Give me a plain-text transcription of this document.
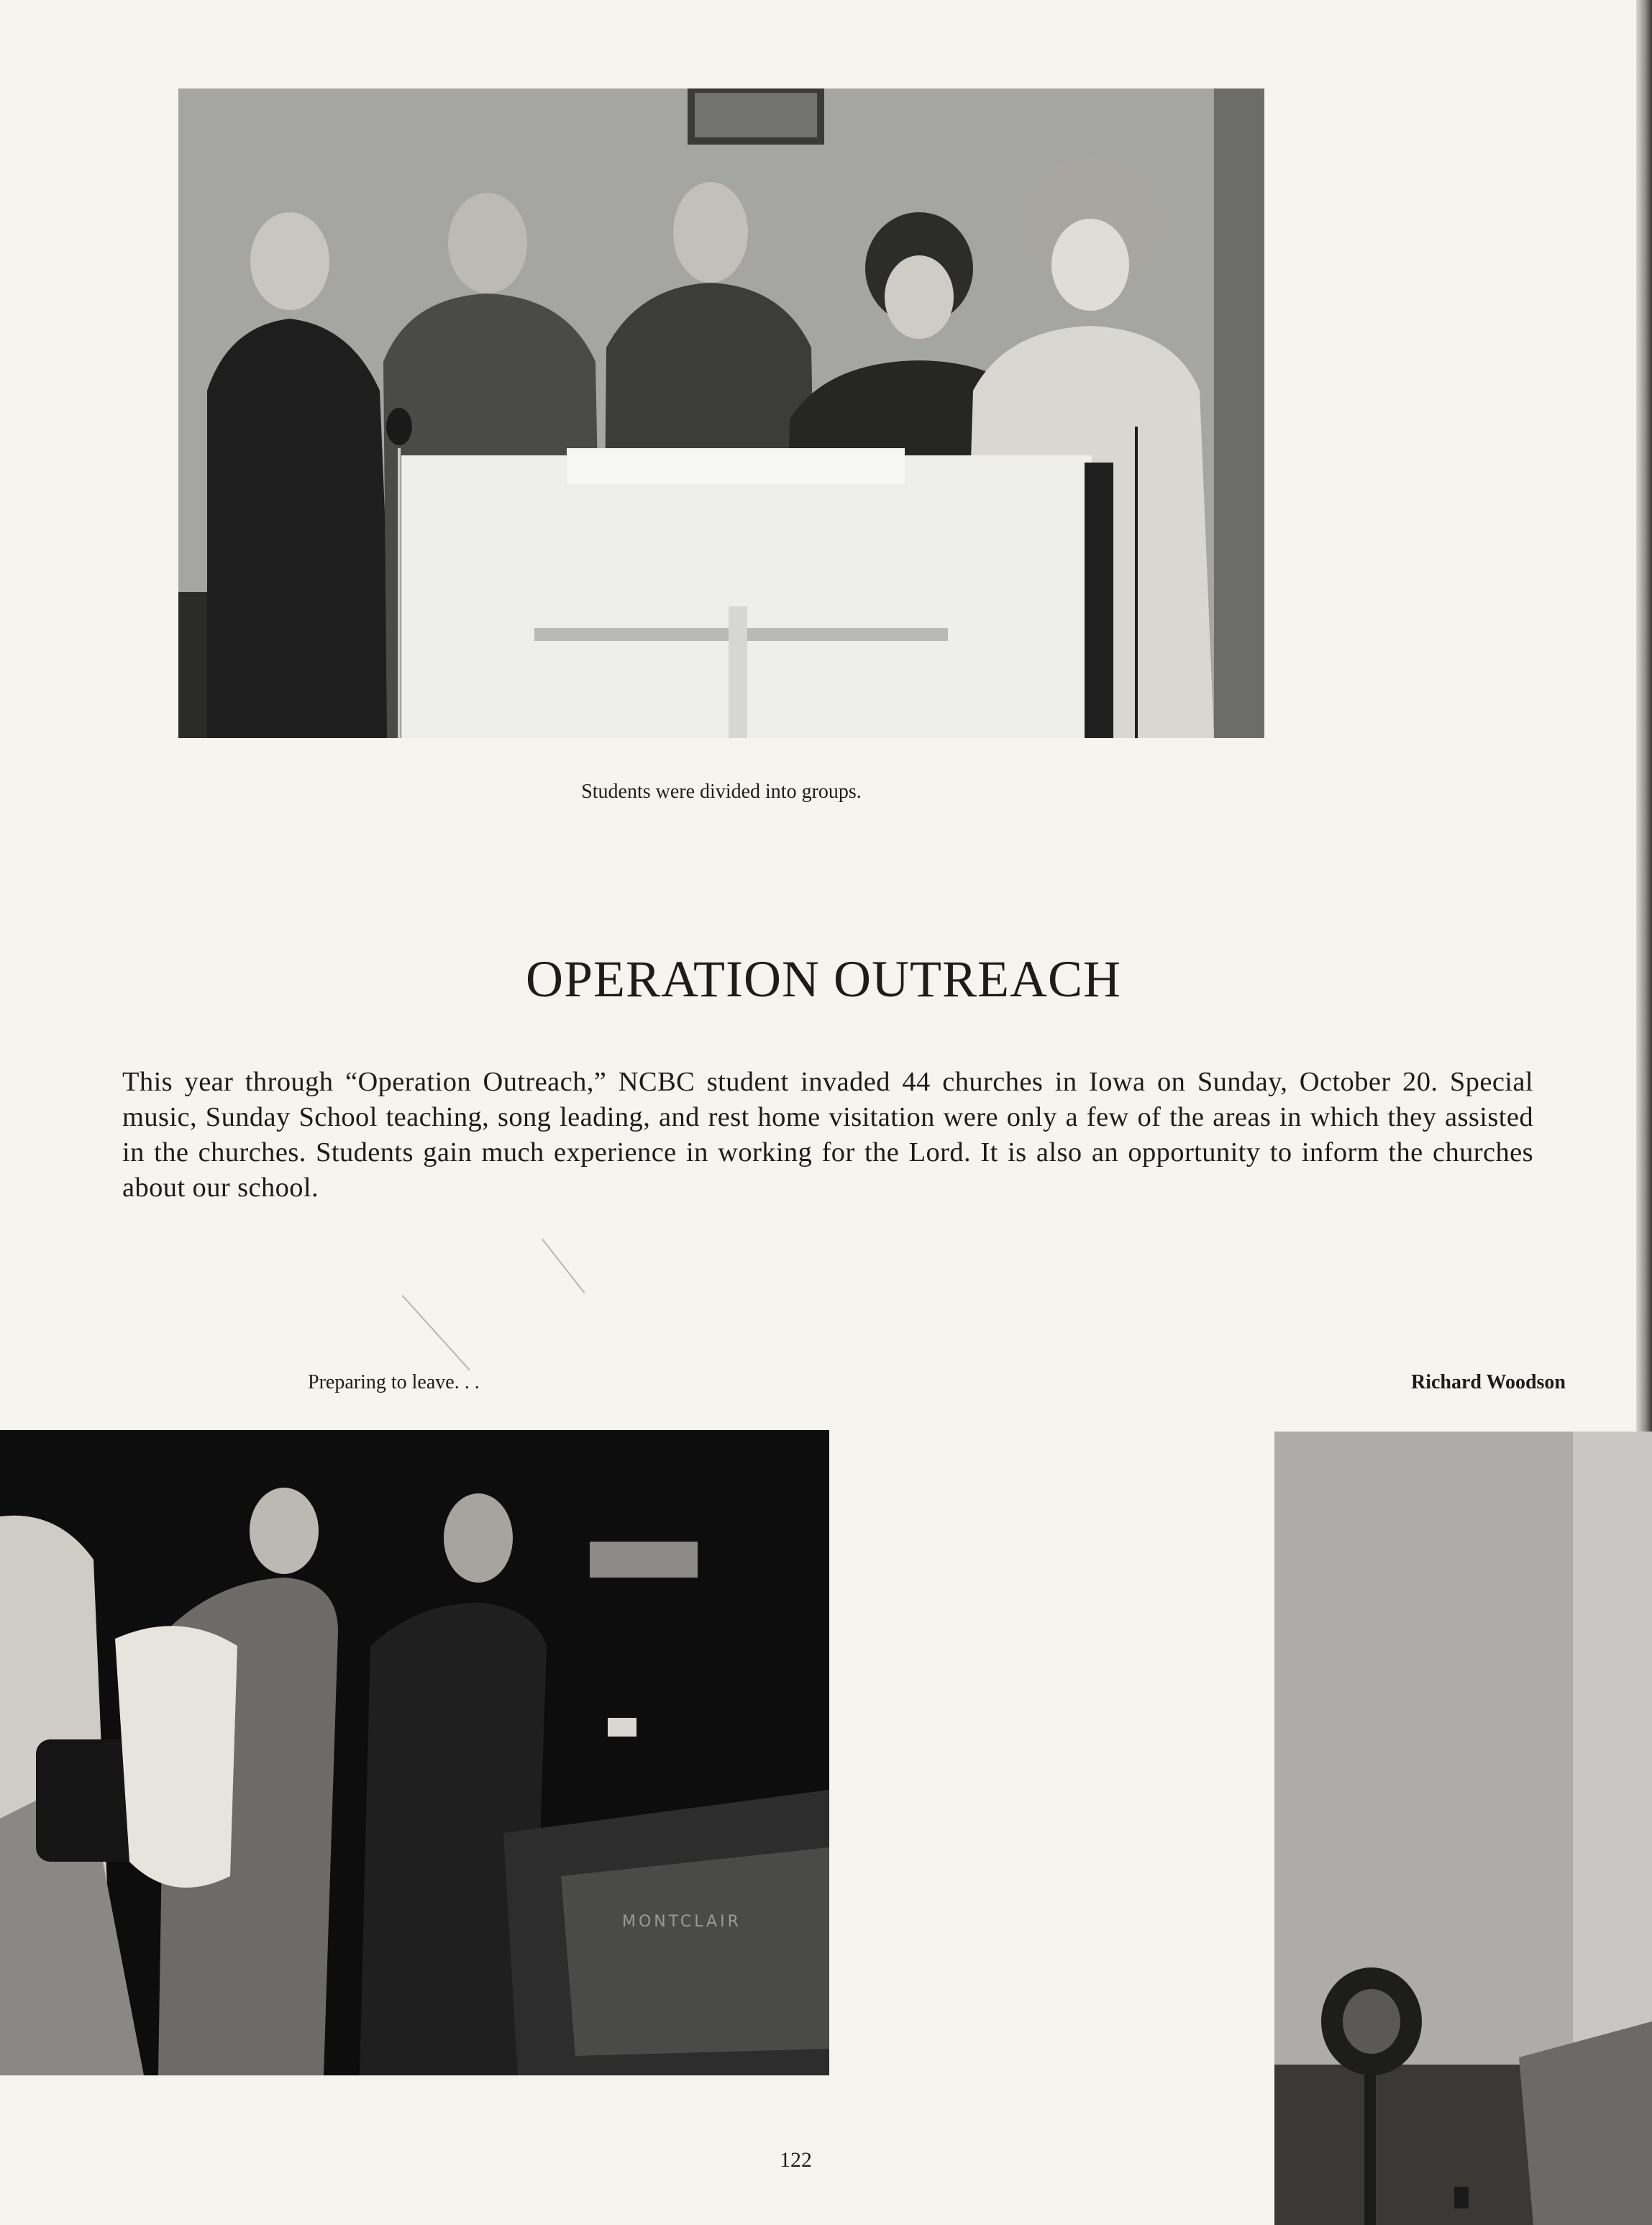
Students were divided into groups.
OPERATION OUTREACH

This year through “Operation Outreach,” NCBC student invaded 44 churches in Iowa on Sunday, October 20. Special music, Sunday School teaching, song leading, and rest home visitation were only a few of the areas in which they assisted in the churches. Students gain much experience in working for the Lord. It is also an opportunity to inform the churches about our school.

Preparing to leave. . .	Richard Woodson
MONTCLAIR
122
